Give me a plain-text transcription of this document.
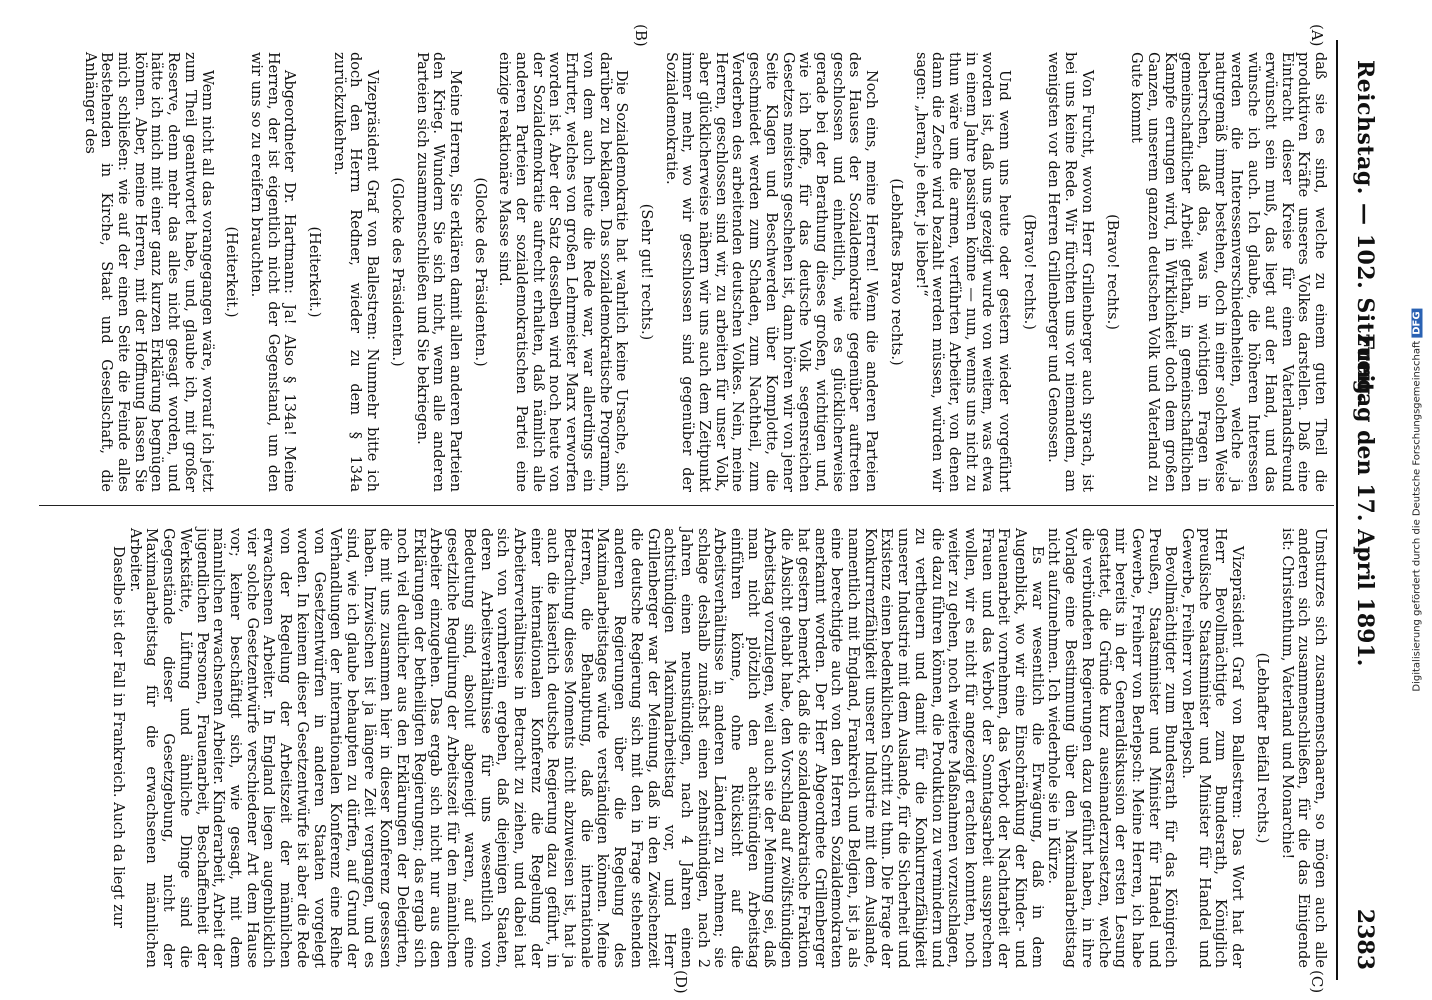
Reichstag. — 102. Sitzung.
Freitag den 17. April 1891.
2383
(A)
(B)
(C)
(D)

daß sie es sind, welche zu einem guten Theil die produktiven Kräfte unseres Volkes darstellen. Daß eine Eintracht dieser Kreise für einen Vaterlandsfreund erwünscht sein muß, das liegt auf der Hand, und das wünsche ich auch. Ich glaube, die höheren Interessen werden die Interessenverschiedenheiten, welche ja naturgemäß immer bestehen, doch in einer solchen Weise beherrschen, daß das, was in wichtigen Fragen in gemeinschaftlicher Arbeit gethan, in gemeinschaftlichen Kampfe errungen wird, in Wirklichkeit doch dem großen Ganzen, unserem ganzen deutschen Volk und Vaterland zu Gute kommt

(Bravo! rechts.)

Von Furcht, wovon Herr Grillenberger auch sprach, ist bei uns keine Rede. Wir fürchten uns vor niemandem, am wenigsten vor den Herren Grillenberger und Genossen.

(Bravo! rechts.)

Und wenn uns heute oder gestern wieder vorgeführt worden ist, daß uns gezeigt wurde von weitem, was etwa in einem Jahre passiren könne — nun, wenns uns nicht zu thun wäre um die armen, verführten Arbeiter, von denen dann die Zeche wird bezahlt werden müssen, würden wir sagen: „heran, je eher, je lieber!“

(Lebhaftes Bravo rechts.)

Noch eins, meine Herren! Wenn die anderen Parteien des Hauses der Sozialdemokratie gegenüber auftreten geschlossen und einheitlich, wie es glücklicherweise gerade bei der Berathung dieses großen, wichtigen und, wie ich hoffe, für das deutsche Volk segensreichen Gesetzes meistens geschehen ist, dann hören wir von jener Seite Klagen und Beschwerden über Komplotte, die geschmiedet werden zum Schaden, zum Nachtheil, zum Verderben des arbeitenden deutschen Volkes. Nein, meine Herren, geschlossen sind wir, zu arbeiten für unser Volk, aber glücklicherweise nähern wir uns auch dem Zeitpunkt immer mehr, wo wir geschlossen sind gegenüber der Sozialdemokratie.

(Sehr gut! rechts.)

Die Sozialdemokratie hat wahrlich keine Ursache, sich darüber zu beklagen. Das sozialdemokratische Programm, von dem auch heute die Rede war, war allerdings ein Erfurter, welches von großen Lehrmeister Marx verworfen worden ist. Aber der Satz desselben wird noch heute von der Sozialdemokratie aufrecht erhalten, daß nämlich alle anderen Parteien der sozialdemokratischen Partei eine einzige reaktionäre Masse sind.

(Glocke des Präsidenten.)

Meine Herren, Sie erklären damit allen anderen Parteien den Krieg. Wundern Sie sich nicht, wenn alle anderen Parteien sich zusammenschließen und Sie bekriegen.

(Glocke des Präsidenten.)

Vizepräsident Graf von Ballestrem: Nunmehr bitte ich doch den Herrn Redner, wieder zu dem § 134a zurückzukehren.

(Heiterkeit.)

Abgeordneter Dr. Hartmann: Ja! Also § 134a! Meine Herren, der ist eigentlich nicht der Gegenstand, um den wir uns so zu ereifern brauchten.

(Heiterkeit.)

Wenn nicht all das vorangegangen wäre, worauf ich jetzt zum Theil geantwortet habe, und, glaube ich, mit großer Reserve, denn mehr das alles nicht gesagt worden, und hätte ich mich mit einer ganz kurzen Erklärung begnügen können. Aber, meine Herren, mit der Hoffnung lassen Sie mich schließen: wie auf der einen Seite die Feinde alles Bestehenden in Kirche, Staat und Gesellschaft, die Anhänger des

Umsturzes sich zusammenschaaren, so mögen auch alle anderen sich zusammenschließen, für die das Einigende ist: Christenthum, Vaterland und Monarchie!

(Lebhafter Beifall rechts.)

Vizepräsident Graf von Ballestrem: Das Wort hat der Herr Bevollmächtigte zum Bundesrath, Königlich preußische Staatsminister und Minister für Handel und Gewerbe, Freiherr von Berlepsch.

Bevollmächtigter zum Bundesrath für das Königreich Preußen, Staatsminister und Minister für Handel und Gewerbe, Freiherr von Berlepsch: Meine Herren, ich habe mir bereits in der Generaldiskussion der ersten Lesung gestattet, die Gründe kurz auseinanderzusetzen, welche die verbündeten Regierungen dazu geführt haben, in ihre Vorlage eine Bestimmung über den Maximalarbeitstag nicht aufzunehmen. Ich wiederhole sie in Kürze.

Es war wesentlich die Erwägung, daß in dem Augenblick, wo wir eine Einschränkung der Kinder- und Frauenarbeit vornehmen, das Verbot der Nachtarbeit der Frauen und das Verbot der Sonntagsarbeit aussprechen wollen, wir es nicht für angezeigt erachten konnten, noch weiter zu gehen, noch weitere Maßnahmen vorzuschlagen, die dazu führen können, die Produktion zu vermindern und zu vertheuern und damit für die Konkurrenzfähigkeit unserer Industrie mit dem Auslande, für die Sicherheit und Existenz einen bedenklichen Schritt zu thun. Die Frage der Konkurrenzfähigkeit unserer Industrie mit dem Auslande, namentlich mit England, Frankreich und Belgien, ist ja als eine berechtigte auch von den Herren Sozialdemokraten anerkannt worden. Der Herr Abgeordnete Grillenberger hat gestern bemerkt, daß die sozialdemokratische Fraktion die Absicht gehabt habe, den Vorschlag auf zwölfstündigen Arbeitstag vorzulegen, weil auch sie der Meinung sei, daß man nicht plötzlich den achtstündigen Arbeitstag einführen könne, ohne Rücksicht auf die Arbeitsverhältnisse in anderen Ländern zu nehmen; sie schlage deshalb zunächst einen zehnstündigen, nach 2 Jahren einen neunstündigen, nach 4 Jahren einen achtstündigen Maximalarbeitstag vor, und Herr Grillenberger war der Meinung, daß in den Zwischenzeit die deutsche Regierung sich mit den in Frage stehenden anderen Regierungen über die Regelung des Maximalarbeitstages würde verständigen können. Meine Herren, die Behauptung, daß die internationale Betrachtung dieses Moments nicht abzuweisen ist, hat ja auch die kaiserlich deutsche Regierung dazu geführt, in einer internationalen Konferenz die Regelung der Arbeiterverhältnisse in Betracht zu ziehen, und dabei hat sich von vornherein ergeben, daß diejenigen Staaten, deren Arbeitsverhältnisse für uns wesentlich von Bedeutung sind, absolut abgeneigt waren, auf eine gesetzliche Regulirung der Arbeitszeit für den männlichen Arbeiter einzugehen. Das ergab sich nicht nur aus den Erklärungen der betheiligten Regierungen; das ergab sich noch viel deutlicher aus den Erklärungen der Delegirten, die mit uns zusammen hier in dieser Konferenz gesessen haben. Inzwischen ist ja längere Zeit vergangen, und es sind, wie ich glaube behaupten zu dürfen, auf Grund der Verhandlungen der internationalen Konferenz eine Reihe von Gesetzentwürfen in anderen Staaten vorgelegt worden. In keinem dieser Gesetzentwürfe ist aber die Rede von der Regelung der Arbeitszeit der männlichen erwachsenen Arbeiter. In England liegen augenblicklich vier solche Gesetzentwürfe verschiedener Art dem Hause vor; keiner beschäftigt sich, wie gesagt, mit dem männlichen erwachsenen Arbeiter. Kinderarbeit, Arbeit der jugendlichen Personen, Frauenarbeit, Beschaffenheit der Werkstätte, Lüftung und ähnliche Dinge sind die Gegenstände dieser Gesetzgebung, nicht der Maximalarbeitstag für die erwachsenen männlichen Arbeiter.

Daselbe ist der Fall in Frankreich. Auch da liegt zur

Digitalisierung gefördert durch die Deutsche ForschungsgemeinschaftDFG
